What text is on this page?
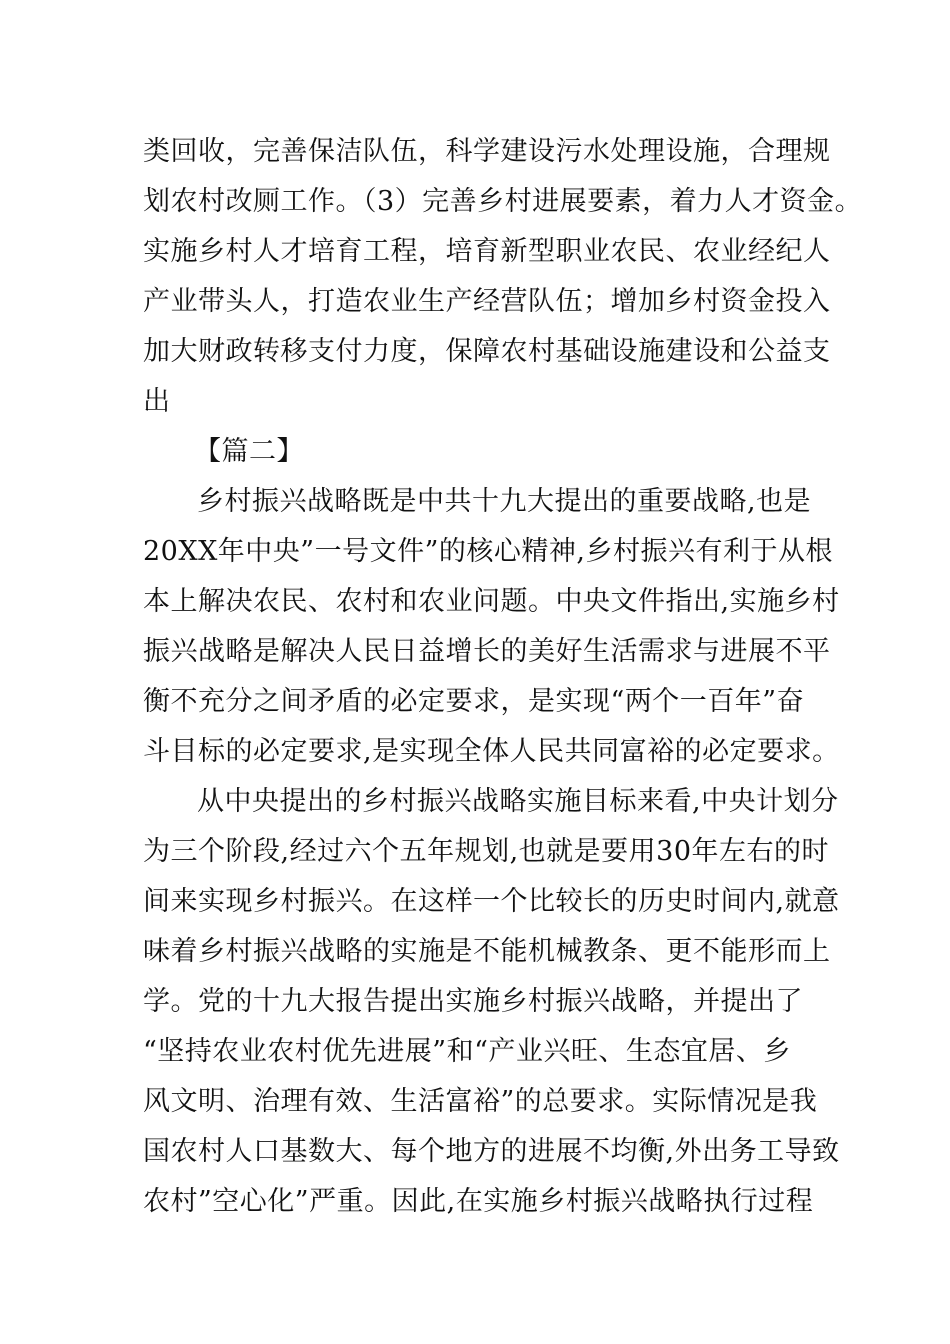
类回收，完善保洁队伍，科学建设污水处理设施，合理规
划农村改厕工作。（3）完善乡村进展要素，着力人才资金。
实施乡村人才培育工程，培育新型职业农民、农业经纪人
产业带头人，打造农业生产经营队伍；增加乡村资金投入
加大财政转移支付力度，保障农村基础设施建设和公益支
出
【篇二】
乡村振兴战略既是中共十九大提出的重要战略,也是
20XX年中央”一号文件”的核心精神,乡村振兴有利于从根
本上解决农民、农村和农业问题。中央文件指出,实施乡村
振兴战略是解决人民日益增长的美好生活需求与进展不平
衡不充分之间矛盾的必定要求，是实现“两个一百年”奋
斗目标的必定要求,是实现全体人民共同富裕的必定要求。
从中央提出的乡村振兴战略实施目标来看,中央计划分
为三个阶段,经过六个五年规划,也就是要用30年左右的时
间来实现乡村振兴。在这样一个比较长的历史时间内,就意
味着乡村振兴战略的实施是不能机械教条、更不能形而上
学。党的十九大报告提出实施乡村振兴战略，并提出了
“坚持农业农村优先进展”和“产业兴旺、生态宜居、乡
风文明、治理有效、生活富裕”的总要求。实际情况是我
国农村人口基数大、每个地方的进展不均衡,外出务工导致
农村”空心化”严重。因此,在实施乡村振兴战略执行过程
